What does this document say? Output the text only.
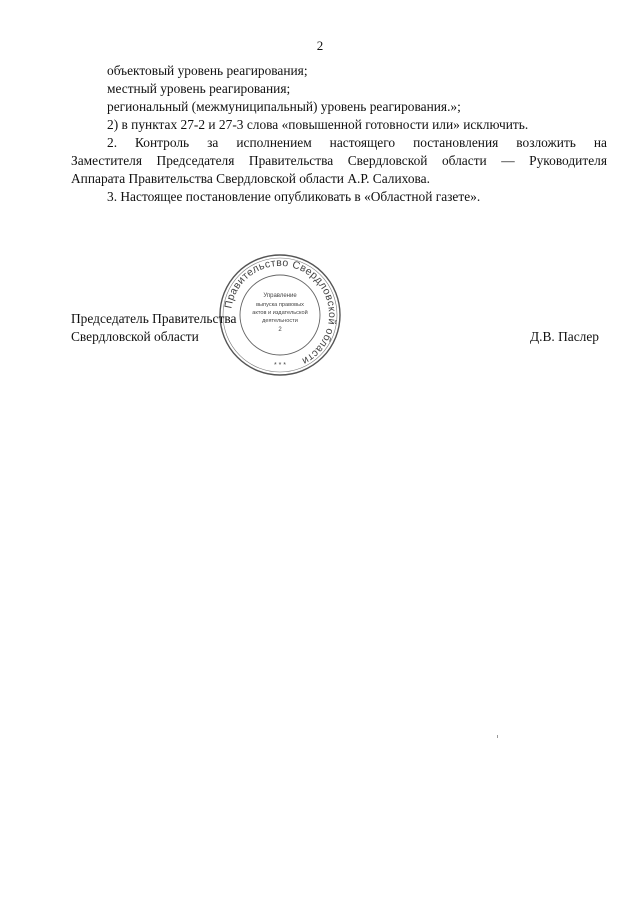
2
объектовый уровень реагирования;
местный уровень реагирования;
региональный (межмуниципальный) уровень реагирования.»;
2) в пунктах 27-2 и 27-3 слова «повышенной готовности или» исключить.
2. Контроль за исполнением настоящего постановления возложить на
Заместителя Председателя Правительства Свердловской области — Руководителя
Аппарата Правительства Свердловской области А.Р. Салихова.
3. Настоящее постановление опубликовать в «Областной газете».
Правительство Свердловской области
Управление
выпуска правовых
актов и издательской
деятельности
2
* * *
Председатель Правительства
Свердловской области	Д.В. Паслер
